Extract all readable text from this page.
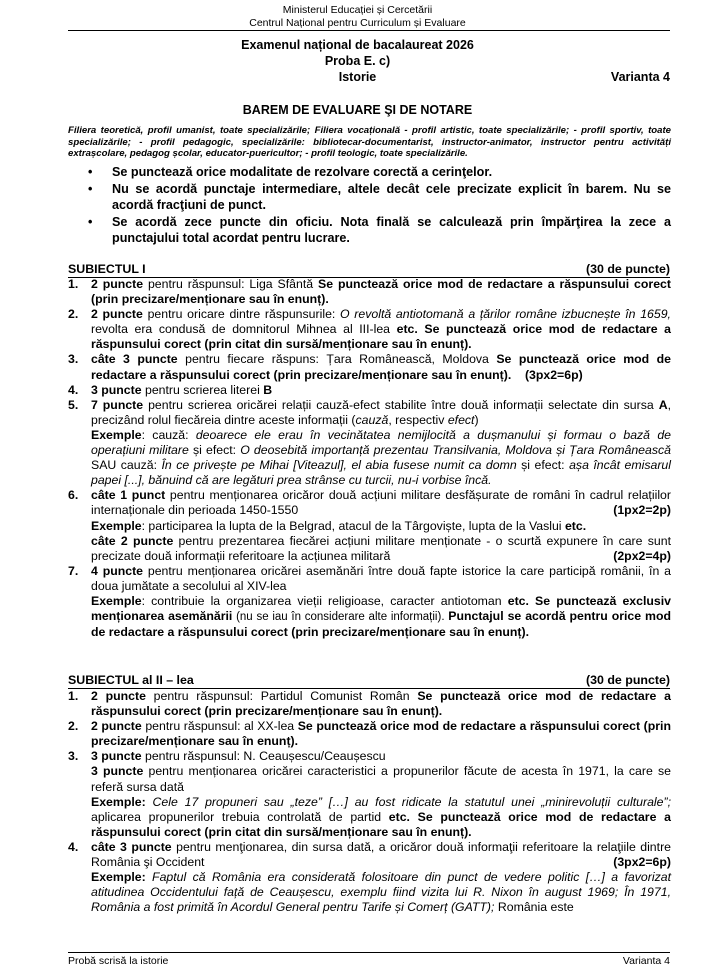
Ministerul Educației și Cercetării
Centrul Național pentru Curriculum și Evaluare
Examenul național de bacalaureat 2026
Proba E. c)
Istorie	Varianta 4
BAREM DE EVALUARE ŞI DE NOTARE
Filiera teoretică, profil umanist, toate specializările; Filiera vocațională - profil artistic, toate specializările; - profil sportiv, toate specializările; - profil pedagogic, specializările: bibliotecar-documentarist, instructor-animator, instructor pentru activități extrașcolare, pedagog școlar, educator-puericultor; - profil teologic, toate specializările.
• Se punctează orice modalitate de rezolvare corectă a cerinţelor.
• Nu se acordă punctaje intermediare, altele decât cele precizate explicit în barem. Nu se acordă fracţiuni de punct.
• Se acordă zece puncte din oficiu. Nota finală se calculează prin împărţirea la zece a punctajului total acordat pentru lucrare.
SUBIECTUL I	(30 de puncte)
1. 2 puncte pentru răspunsul: Liga Sfântă Se punctează orice mod de redactare a răspunsului corect (prin precizare/menționare sau în enunț).

2. 2 puncte pentru oricare dintre răspunsurile: O revoltă antiotomană a țărilor române izbucnește în 1659, revolta era condusă de domnitorul Mihnea al III-lea etc. Se punctează orice mod de redactare a răspunsului corect (prin citat din sursă/menționare sau în enunț).

3. câte 3 puncte pentru fiecare răspuns: Țara Românească, Moldova Se punctează orice mod de redactare a răspunsului corect (prin precizare/menționare sau în enunț). (3px2=6p)

4. 3 puncte pentru scrierea literei B

5. 7 puncte pentru scrierea oricărei relații cauză-efect stabilite între două informații selectate din sursa A, precizând rolul fiecăreia dintre aceste informații (cauză, respectiv efect)

Exemple: cauză: deoarece ele erau în vecinătatea nemijlocită a dușmanului și formau o bază de operațiuni militare și efect: O deosebită importanță prezentau Transilvania, Moldova și Țara Românească SAU cauză: În ce privește pe Mihai [Viteazul], el abia fusese numit ca domn și efect: așa încât emisarul papei [...], bănuind că are legături prea strânse cu turcii, nu-i vorbise încă.

6. câte 1 punct pentru menționarea oricăror două acțiuni militare desfășurate de români în cadrul relațiilor internaționale din perioada 1450-1550	(1px2=2p)

Exemple: participarea la lupta de la Belgrad, atacul de la Târgoviște, lupta de la Vaslui etc.

câte 2 puncte pentru prezentarea fiecărei acțiuni militare menționate - o scurtă expunere în care sunt precizate două informații referitoare la acțiunea militară	(2px2=4p)

7. 4 puncte pentru menționarea oricărei asemănări între două fapte istorice la care participă românii, în a doua jumătate a secolului al XIV-lea

Exemple: contribuie la organizarea vieții religioase, caracter antiotoman etc. Se punctează exclusiv menționarea asemănării (nu se iau în considerare alte informații). Punctajul se acordă pentru orice mod de redactare a răspunsului corect (prin precizare/menționare sau în enunț).

SUBIECTUL al II – lea	(30 de puncte)
1. 2 puncte pentru răspunsul: Partidul Comunist Român Se punctează orice mod de redactare a răspunsului corect (prin precizare/menționare sau în enunț).

2. 2 puncte pentru răspunsul: al XX-lea Se punctează orice mod de redactare a răspunsului corect (prin precizare/menționare sau în enunț).

3. 3 puncte pentru răspunsul: N. Ceaușescu/Ceaușescu

3 puncte pentru menționarea oricărei caracteristici a propunerilor făcute de acesta în 1971, la care se referă sursa dată

Exemple: Cele 17 propuneri sau „teze” […] au fost ridicate la statutul unei „minirevoluții culturale”; aplicarea propunerilor trebuia controlată de partid etc. Se punctează orice mod de redactare a răspunsului corect (prin citat din sursă/menționare sau în enunț).

4. câte 3 puncte pentru menţionarea, din sursa dată, a oricăror două informaţii referitoare la relaţiile dintre România şi Occident	(3px2=6p)

Exemple: Faptul că România era considerată folositoare din punct de vedere politic […] a favorizat atitudinea Occidentului față de Ceaușescu, exemplu fiind vizita lui R. Nixon în august 1969; În 1971, România a fost primită în Acordul General pentru Tarife și Comerț (GATT); România este

Probă scrisă la istorie	Varianta 4
